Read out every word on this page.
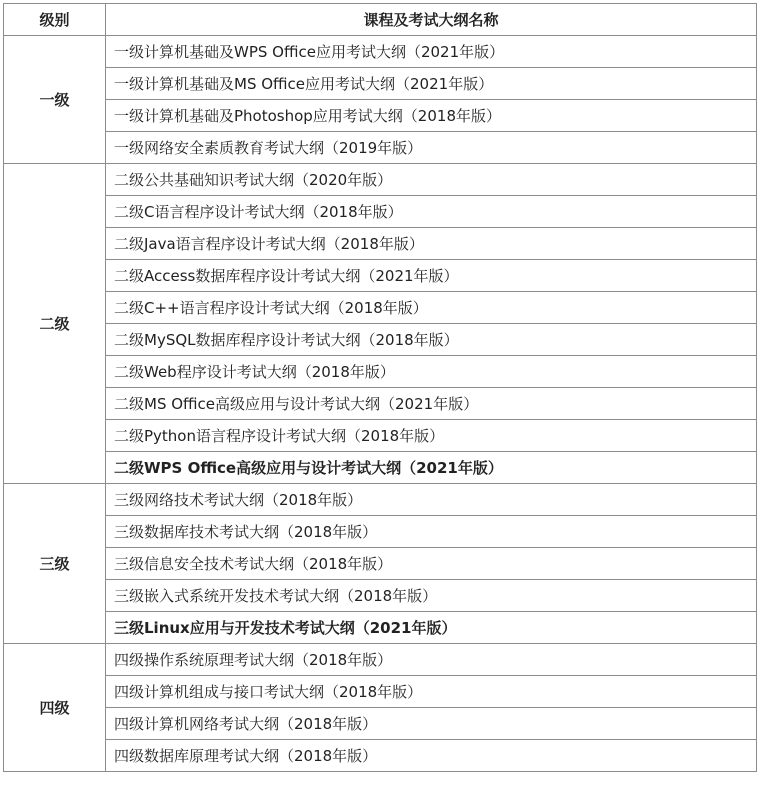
级别	课程及考试大纲名称
一级	一级计算机基础及WPS Office应用考试大纲（2021年版）
	一级计算机基础及MS Office应用考试大纲（2021年版）
	一级计算机基础及Photoshop应用考试大纲（2018年版）
	一级网络安全素质教育考试大纲（2019年版）
二级	二级公共基础知识考试大纲（2020年版）
	二级C语言程序设计考试大纲（2018年版）
	二级Java语言程序设计考试大纲（2018年版）
	二级Access数据库程序设计考试大纲（2021年版）
	二级C++语言程序设计考试大纲（2018年版）
	二级MySQL数据库程序设计考试大纲（2018年版）
	二级Web程序设计考试大纲（2018年版）
	二级MS Office高级应用与设计考试大纲（2021年版）
	二级Python语言程序设计考试大纲（2018年版）
	二级WPS Office高级应用与设计考试大纲（2021年版）
三级	三级网络技术考试大纲（2018年版）
	三级数据库技术考试大纲（2018年版）
	三级信息安全技术考试大纲（2018年版）
	三级嵌入式系统开发技术考试大纲（2018年版）
	三级Linux应用与开发技术考试大纲（2021年版）
四级	四级操作系统原理考试大纲（2018年版）
	四级计算机组成与接口考试大纲（2018年版）
	四级计算机网络考试大纲（2018年版）
	四级数据库原理考试大纲（2018年版）
